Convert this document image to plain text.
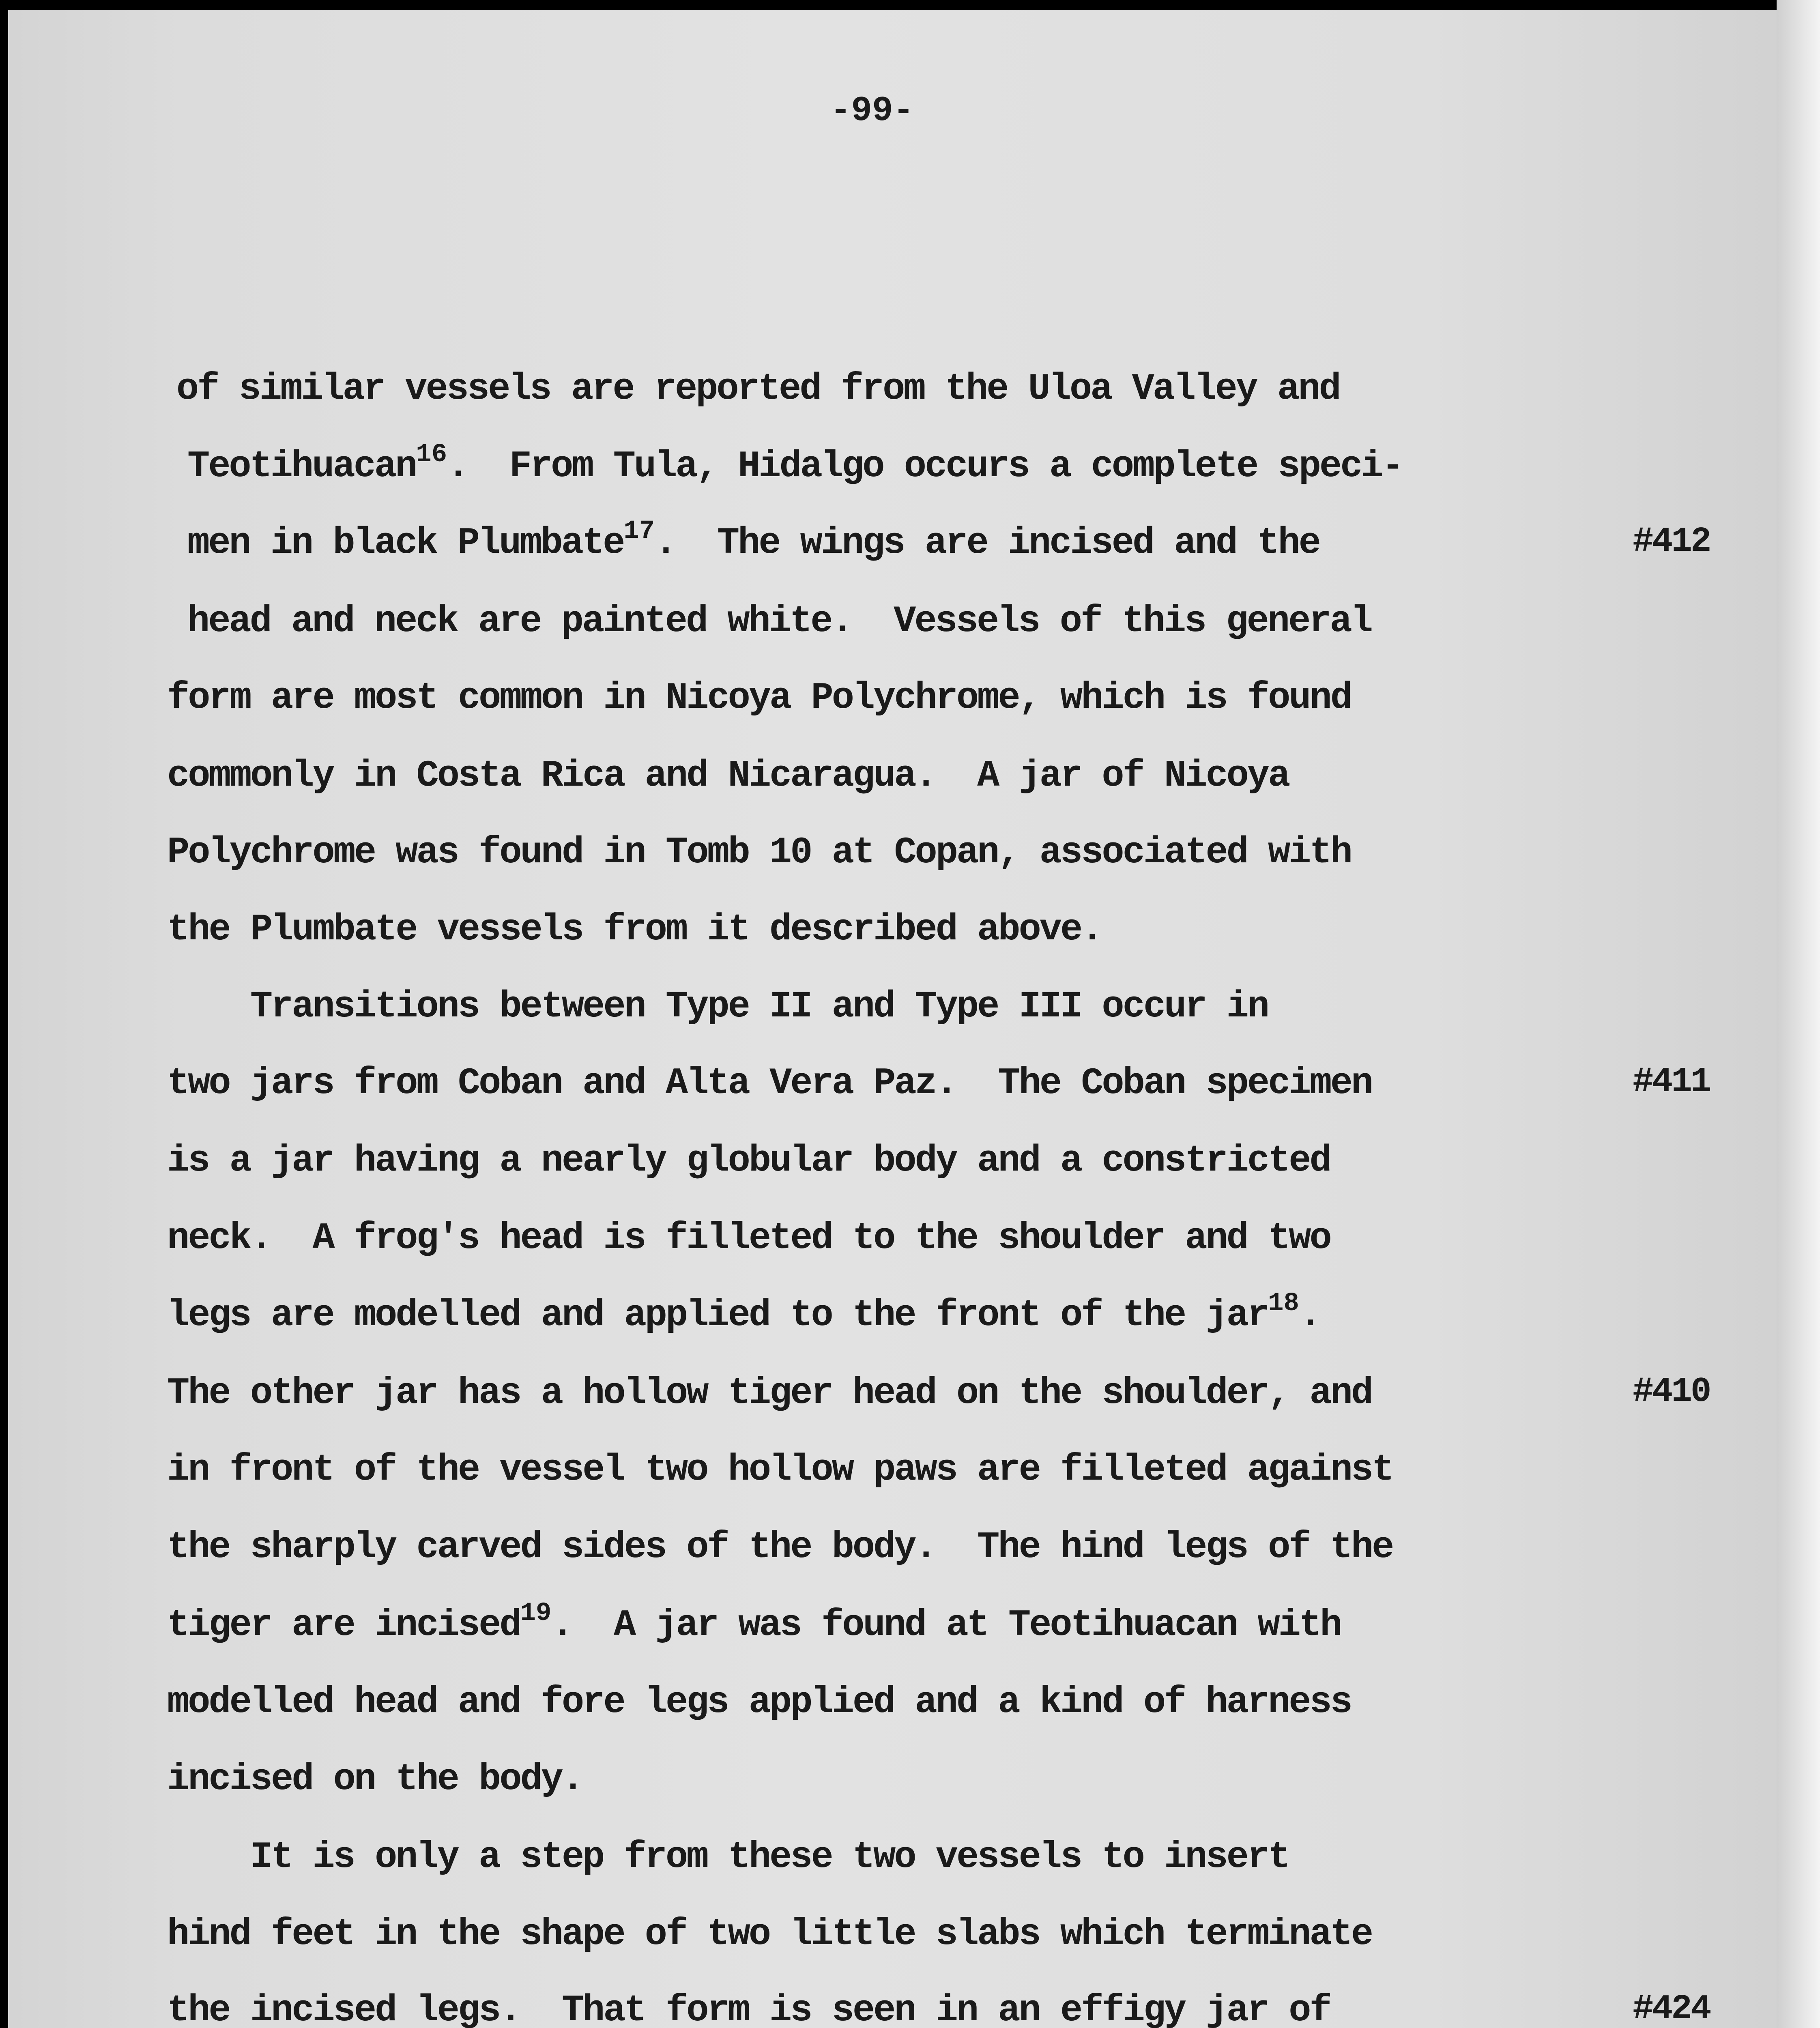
-99-
of similar vessels are reported from the Uloa Valley and
Teotihuacan$^{16}$.  From Tula, Hidalgo occurs a complete speci-
men in black Plumbate$^{17}$.  The wings are incised and the
head and neck are painted white.  Vessels of this general
form are most common in Nicoya Polychrome, which is found
commonly in Costa Rica and Nicaragua.  A jar of Nicoya
Polychrome was found in Tomb 10 at Copan, associated with
the Plumbate vessels from it described above.
Transitions between Type II and Type III occur in
two jars from Coban and Alta Vera Paz.  The Coban specimen
is a jar having a nearly globular body and a constricted
neck.  A frog's head is filleted to the shoulder and two
legs are modelled and applied to the front of the jar$^{18}$.
The other jar has a hollow tiger head on the shoulder, and
in front of the vessel two hollow paws are filleted against
the sharply carved sides of the body.  The hind legs of the
tiger are incised$^{19}$.  A jar was found at Teotihuacan with
modelled head and fore legs applied and a kind of harness
incised on the body.
It is only a step from these two vessels to insert
hind feet in the shape of two little slabs which terminate
the incised legs.  That form is seen in an effigy jar of
#412
#411
#410
#424
